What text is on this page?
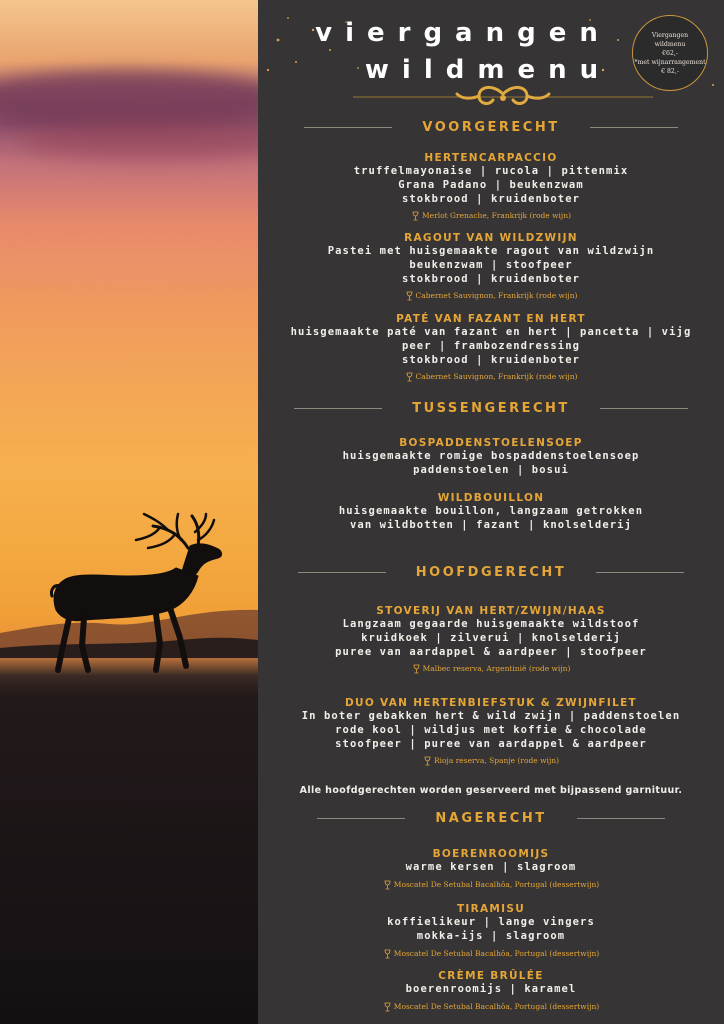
viergangen
wildmenu
Viergangen
wildmenu
€62,-
*met wijnarrangement
€ 82,-
VOORGERECHT
HERTENCARPACCIO
truffelmayonaise | rucola | pittenmix
Grana Padano | beukenzwam
stokbrood | kruidenboter
Merlot Grenache, Frankrijk (rode wijn)
RAGOUT VAN WILDZWIJN
Pastei met huisgemaakte ragout van wildzwijn
beukenzwam | stoofpeer
stokbrood | kruidenboter
Cabernet Sauvignon, Frankrijk (rode wijn)
PATÉ VAN FAZANT EN HERT
huisgemaakte paté van fazant en hert | pancetta | vijg
peer | frambozendressing
stokbrood | kruidenboter
Cabernet Sauvignon, Frankrijk (rode wijn)
TUSSENGERECHT
BOSPADDENSTOELENSOEP
huisgemaakte romige bospaddenstoelensoep
paddenstoelen | bosui
WILDBOUILLON
huisgemaakte bouillon, langzaam getrokken
van wildbotten | fazant | knolselderij
HOOFDGERECHT
STOVERIJ VAN HERT/ZWIJN/HAAS
Langzaam gegaarde huisgemaakte wildstoof
kruidkoek | zilverui | knolselderij
puree van aardappel & aardpeer | stoofpeer
Malbec reserva, Argentinië (rode wijn)
DUO VAN HERTENBIEFSTUK & ZWIJNFILET
In boter gebakken hert & wild zwijn | paddenstoelen
rode kool | wildjus met koffie & chocolade
stoofpeer | puree van aardappel & aardpeer
Rioja reserva, Spanje (rode wijn)
Alle hoofdgerechten worden geserveerd met bijpassend garnituur.
NAGERECHT
BOERENROOMIJS
warme kersen | slagroom
Moscatel De Setubal Bacalhôa, Portugal (dessertwijn)
TIRAMISU
koffielikeur | lange vingers
mokka-ijs | slagroom
Moscatel De Setubal Bacalhôa, Portugal (dessertwijn)
CRÈME BRÛLÉE
boerenroomijs | karamel
Moscatel De Setubal Bacalhôa, Portugal (dessertwijn)
